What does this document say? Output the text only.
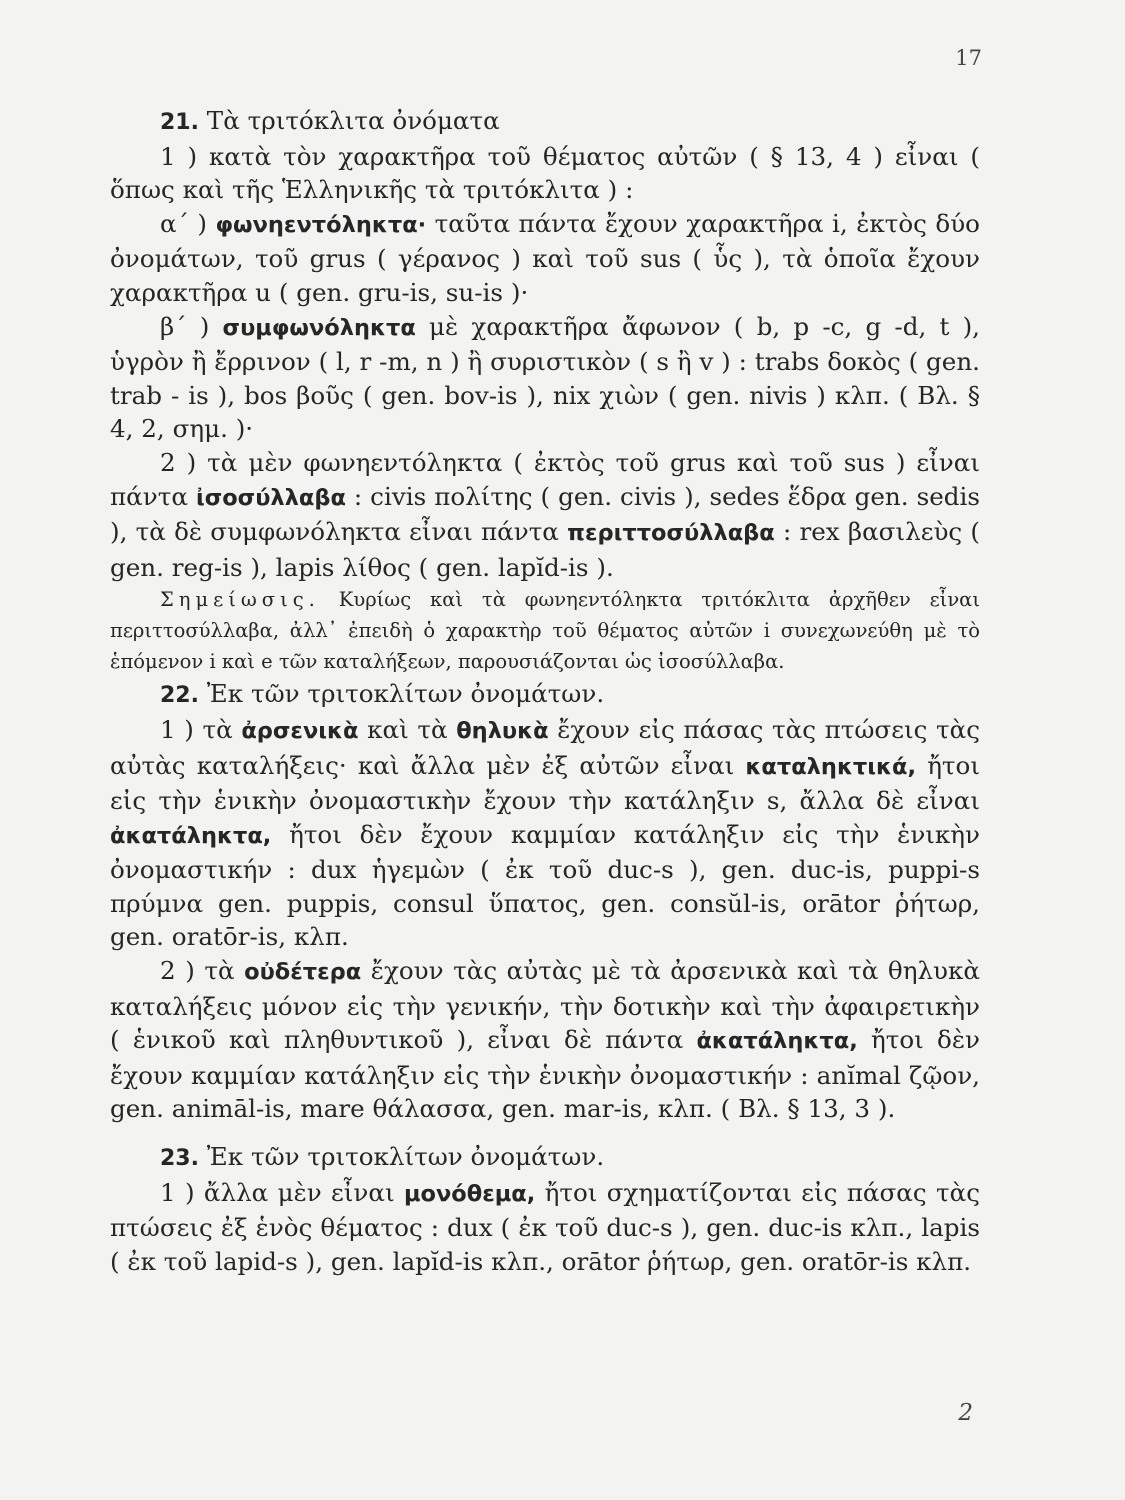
17

21. Τὰ τριτόκλιτα ὀνόματα

1 ) κατὰ τὸν χαρακτῆρα τοῦ θέματος αὐτῶν ( § 13, 4 ) εἶναι ( ὅπως καὶ τῆς Ἑλληνικῆς τὰ τριτόκλιτα ) :

α΄ ) φωνηεντόληκτα· ταῦτα πάντα ἔχουν χαρακτῆρα i, ἐκτὸς δύο ὀνομάτων, τοῦ grus ( γέρανος ) καὶ τοῦ sus ( ὗς ), τὰ ὁποῖα ἔχουν χαρακτῆρα u ( gen. gru-is, su-is )·

β΄ ) συμφωνόληκτα μὲ χαρακτῆρα ἄφωνον ( b, p -c, g -d, t ), ὑγρὸν ἢ ἔρρινον ( l, r -m, n ) ἢ συριστικὸν ( s ἢ v ) : trabs δοκὸς ( gen. trab - is ), bos βοῦς ( gen. bov-is ), nix χιὼν ( gen. nivis ) κλπ. ( Βλ. § 4, 2, σημ. )·

2 ) τὰ μὲν φωνηεντόληκτα ( ἐκτὸς τοῦ grus καὶ τοῦ sus ) εἶναι πάντα ἰσοσύλλαβα : civis πολίτης ( gen. civis ), sedes ἕδρα gen. sedis ), τὰ δὲ συμφωνόληκτα εἶναι πάντα περιττοσύλλαβα : rex βασιλεὺς ( gen. reg-is ), lapis λίθος ( gen. lapĭd-is ).

Σημείωσις. Κυρίως καὶ τὰ φωνηεντόληκτα τριτόκλιτα ἀρχῆθεν εἶναι περιττοσύλλαβα, ἀλλ᾿ ἐπειδὴ ὁ χαρακτὴρ τοῦ θέματος αὐτῶν i συνεχωνεύθη μὲ τὸ ἑπόμενον i καὶ e τῶν καταλήξεων, παρουσιάζονται ὡς ἰσοσύλλαβα.

22. Ἐκ τῶν τριτοκλίτων ὀνομάτων.

1 ) τὰ ἀρσενικὰ καὶ τὰ θηλυκὰ ἔχουν εἰς πάσας τὰς πτώσεις τὰς αὐτὰς καταλήξεις· καὶ ἄλλα μὲν ἐξ αὐτῶν εἶναι καταληκτικά, ἤτοι εἰς τὴν ἑνικὴν ὀνομαστικὴν ἔχουν τὴν κατάληξιν s, ἄλλα δὲ εἶναι ἀκατάληκτα, ἤτοι δὲν ἔχουν καμμίαν κατάληξιν εἰς τὴν ἑνικὴν ὀνομαστικήν : dux ἡγεμὼν ( ἐκ τοῦ duc-s ), gen. duc-is, puppi-s πρύμνα gen. puppis, consul ὕπατος, gen. consŭl-is, orātor ῥήτωρ, gen. oratōr-is, κλπ.

2 ) τὰ οὐδέτερα ἔχουν τὰς αὐτὰς μὲ τὰ ἀρσενικὰ καὶ τὰ θηλυκὰ καταλήξεις μόνον εἰς τὴν γενικήν, τὴν δοτικὴν καὶ τὴν ἀφαιρετικὴν ( ἑνικοῦ καὶ πληθυντικοῦ ), εἶναι δὲ πάντα ἀκατάληκτα, ἤτοι δὲν ἔχουν καμμίαν κατάληξιν εἰς τὴν ἑνικὴν ὀνομαστικήν : anĭmal ζῷον, gen. animāl-is, mare θάλασσα, gen. mar-is, κλπ. ( Βλ. § 13, 3 ).

23. Ἐκ τῶν τριτοκλίτων ὀνομάτων.

1 ) ἄλλα μὲν εἶναι μονόθεμα, ἤτοι σχηματίζονται εἰς πάσας τὰς πτώσεις ἐξ ἑνὸς θέματος : dux ( ἐκ τοῦ duc-s ), gen. duc-is κλπ., lapis ( ἐκ τοῦ lapid-s ), gen. lapĭd-is κλπ., orātor ῥήτωρ, gen. oratōr-is κλπ.

2
